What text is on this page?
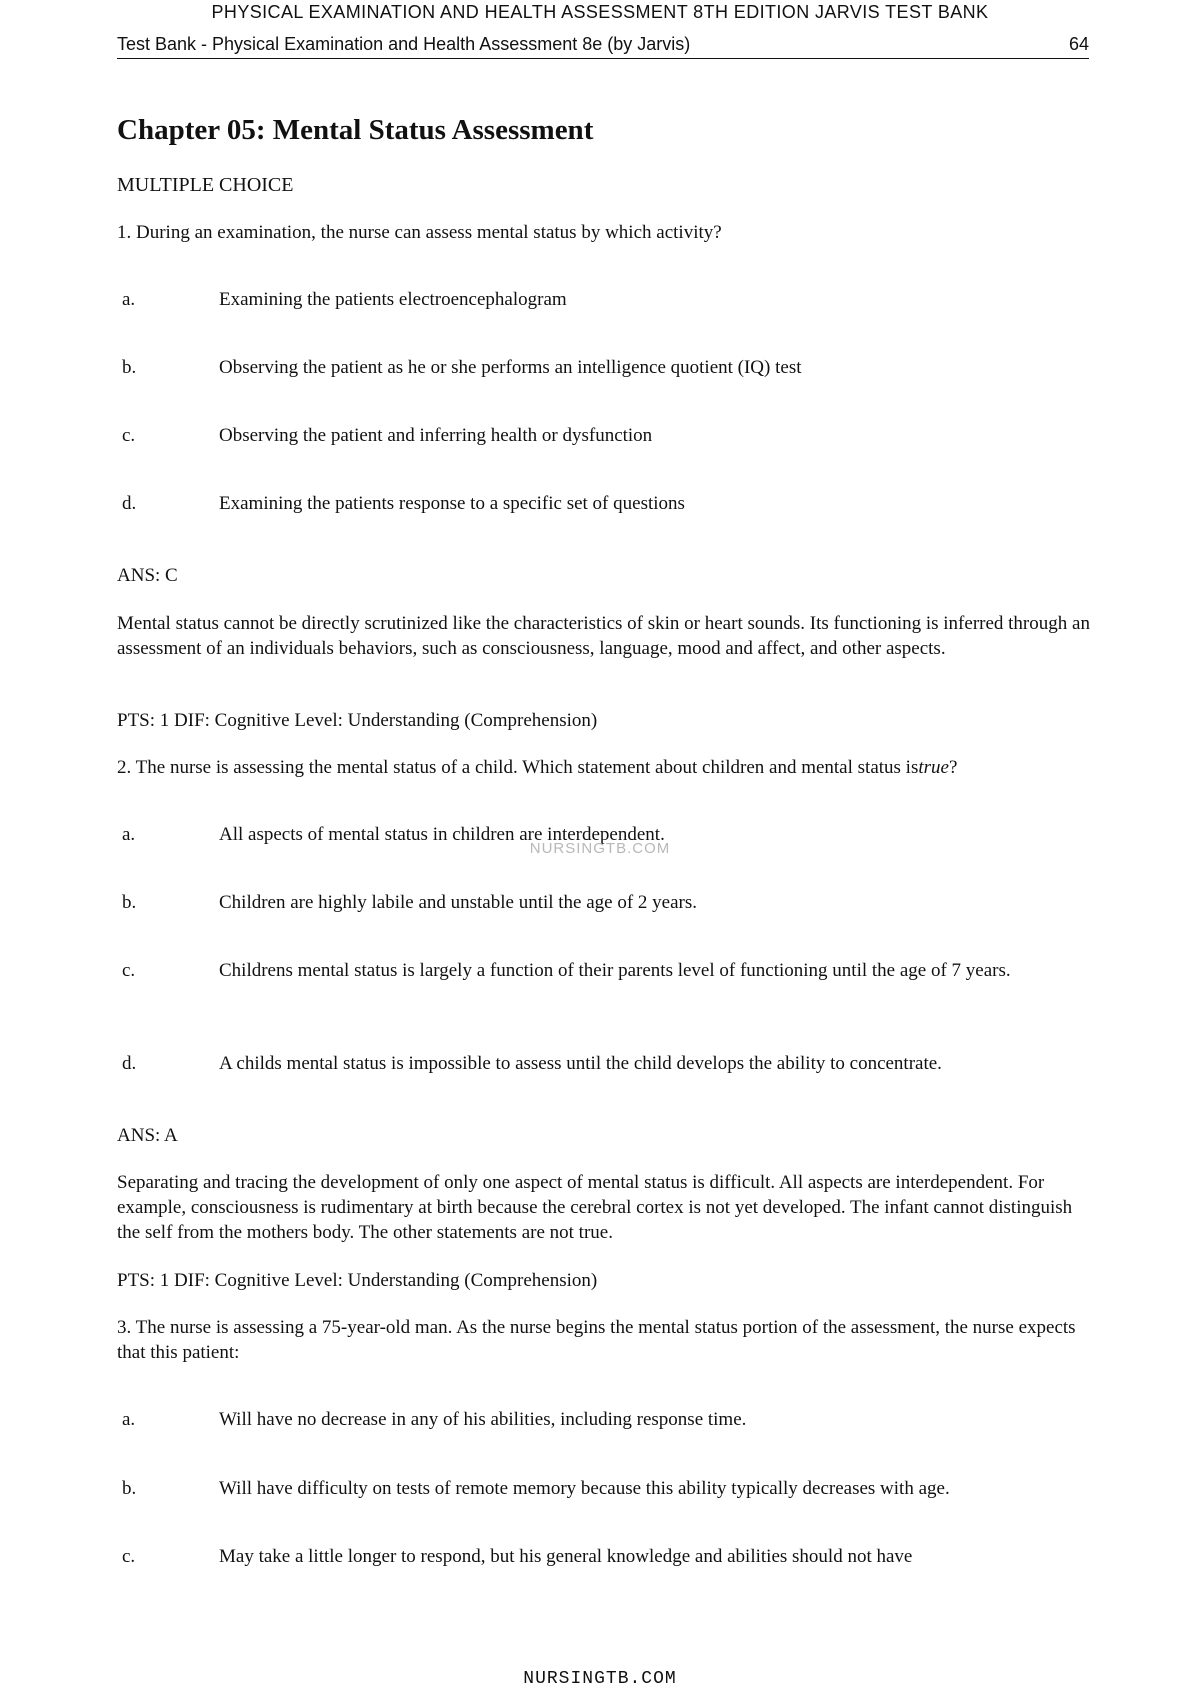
PHYSICAL EXAMINATION AND HEALTH ASSESSMENT 8TH EDITION JARVIS TEST BANK
Test Bank - Physical Examination and Health Assessment 8e (by Jarvis)	64
Chapter 05: Mental Status Assessment
MULTIPLE CHOICE
1. During an examination, the nurse can assess mental status by which activity?
a.	Examining the patients electroencephalogram
b.	Observing the patient as he or she performs an intelligence quotient (IQ) test
c.	Observing the patient and inferring health or dysfunction
d.	Examining the patients response to a specific set of questions
ANS: C
Mental status cannot be directly scrutinized like the characteristics of skin or heart sounds. Its functioning is inferred through an assessment of an individuals behaviors, such as consciousness, language, mood and affect, and other aspects.
PTS: 1 DIF: Cognitive Level: Understanding (Comprehension)
2. The nurse is assessing the mental status of a child. Which statement about children and mental status istrue?
a.	All aspects of mental status in children are interdependent.
NURSINGTB.COM
b.	Children are highly labile and unstable until the age of 2 years.
c.	Childrens mental status is largely a function of their parents level of functioning until the age of 7 years.
d.	A childs mental status is impossible to assess until the child develops the ability to concentrate.
ANS: A
Separating and tracing the development of only one aspect of mental status is difficult. All aspects are interdependent. For example, consciousness is rudimentary at birth because the cerebral cortex is not yet developed. The infant cannot distinguish the self from the mothers body. The other statements are not true.
PTS: 1 DIF: Cognitive Level: Understanding (Comprehension)
3. The nurse is assessing a 75-year-old man. As the nurse begins the mental status portion of the assessment, the nurse expects that this patient:
a.	Will have no decrease in any of his abilities, including response time.
b.	Will have difficulty on tests of remote memory because this ability typically decreases with age.
c.	May take a little longer to respond, but his general knowledge and abilities should not have
NURSINGTB.COM
